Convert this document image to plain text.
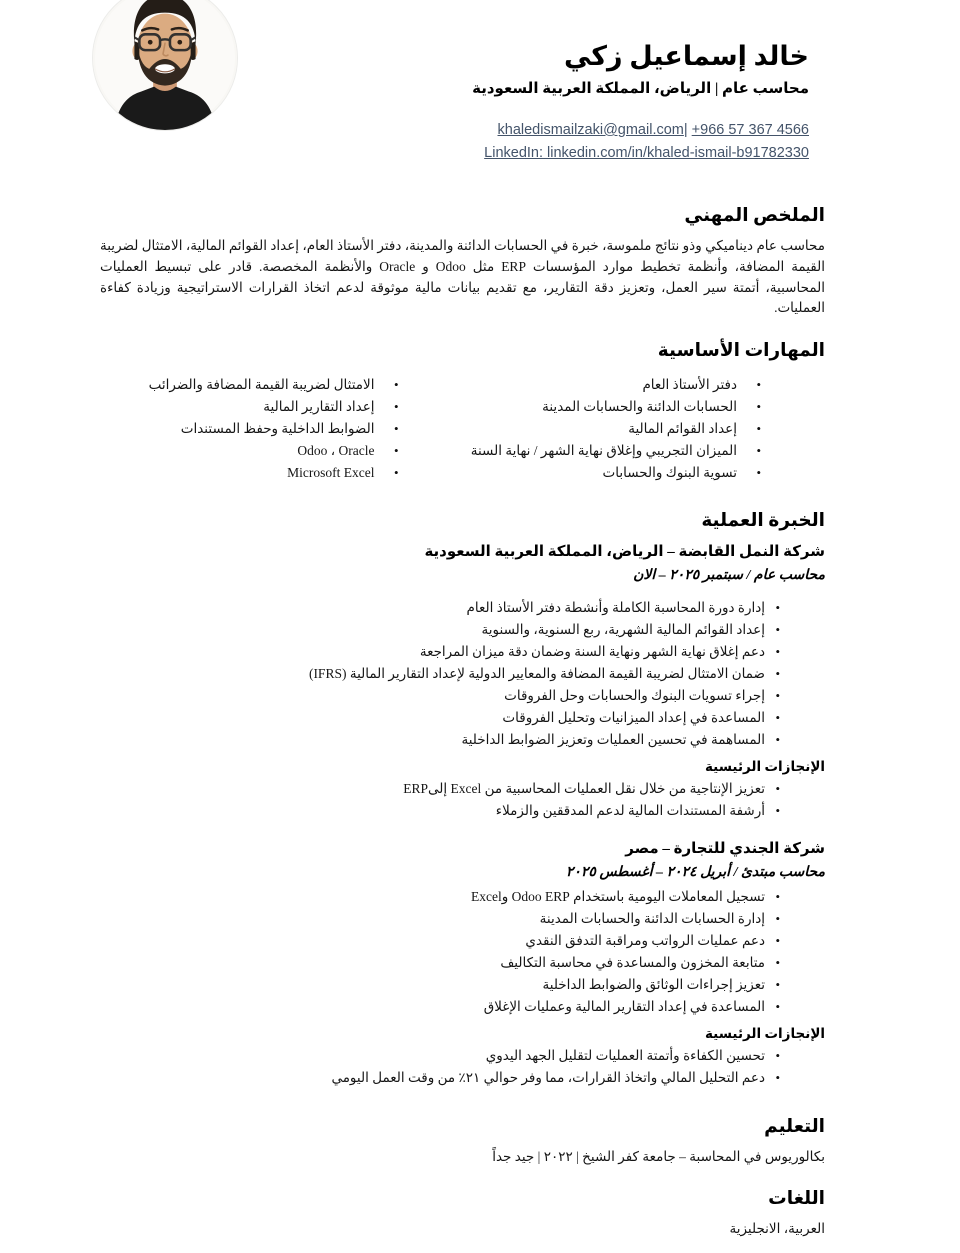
خالد إسماعيل زكي
محاسب عام | الرياض، المملكة العربية السعودية
khaledismailzaki@gmail.com| +966 57 367 4566
LinkedIn: linkedin.com/in/khaled-ismail-b91782330
الملخص المهني

محاسب عام ديناميكي وذو نتائج ملموسة، خبرة في الحسابات الدائنة والمدينة، دفتر الأستاذ العام، إعداد القوائم المالية، الامتثال لضريبة القيمة المضافة، وأنظمة تخطيط موارد المؤسسات ERP مثل Odoo و Oracle والأنظمة المخصصة. قادر على تبسيط العمليات المحاسبية، أتمتة سير العمل، وتعزيز دقة التقارير، مع تقديم بيانات مالية موثوقة لدعم اتخاذ القرارات الاستراتيجية وزيادة كفاءة العمليات.

المهارات الأساسية
• دفتر الأستاذ العام
• الحسابات الدائنة والحسابات المدينة
• إعداد القوائم المالية
• الميزان التجريبي وإغلاق نهاية الشهر / نهاية السنة
• تسوية البنوك والحسابات
• الامتثال لضريبة القيمة المضافة والضرائب
• إعداد التقارير المالية
• الضوابط الداخلية وحفظ المستندات
• Odoo ، Oracle
• Microsoft Excel
الخبرة العملية
شركة النمل القابضة – الرياض، المملكة العربية السعودية
محاسب عام / سبتمبر ٢٠٢٥ – الان
• إدارة دورة المحاسبة الكاملة وأنشطة دفتر الأستاذ العام
• إعداد القوائم المالية الشهرية، ربع السنوية، والسنوية
• دعم إغلاق نهاية الشهر ونهاية السنة وضمان دقة ميزان المراجعة
• ضمان الامتثال لضريبة القيمة المضافة والمعايير الدولية لإعداد التقارير المالية (IFRS)
• إجراء تسويات البنوك والحسابات وحل الفروقات
• المساعدة في إعداد الميزانيات وتحليل الفروقات
• المساهمة في تحسين العمليات وتعزيز الضوابط الداخلية
الإنجازات الرئيسية
• تعزيز الإنتاجية من خلال نقل العمليات المحاسبية من Excel إلىERP
• أرشفة المستندات المالية لدعم المدققين والزملاء
شركة الجندي للتجارة – مصر
محاسب مبتدئ / أبريل ٢٠٢٤ – أغسطس ٢٠٢٥
• تسجيل المعاملات اليومية باستخدام Odoo ERP وExcel
• إدارة الحسابات الدائنة والحسابات المدينة
• دعم عمليات الرواتب ومراقبة التدفق النقدي
• متابعة المخزون والمساعدة في محاسبة التكاليف
• تعزيز إجراءات الوثائق والضوابط الداخلية
• المساعدة في إعداد التقارير المالية وعمليات الإغلاق
الإنجازات الرئيسية
• تحسين الكفاءة وأتمتة العمليات لتقليل الجهد اليدوي
• دعم التحليل المالي واتخاذ القرارات، مما وفر حوالي ٢١٪ من وقت العمل اليومي
التعليم

بكالوريوس في المحاسبة – جامعة كفر الشيخ | ٢٠٢٢ | جيد جداً

اللغات

العربية، الانجليزية
